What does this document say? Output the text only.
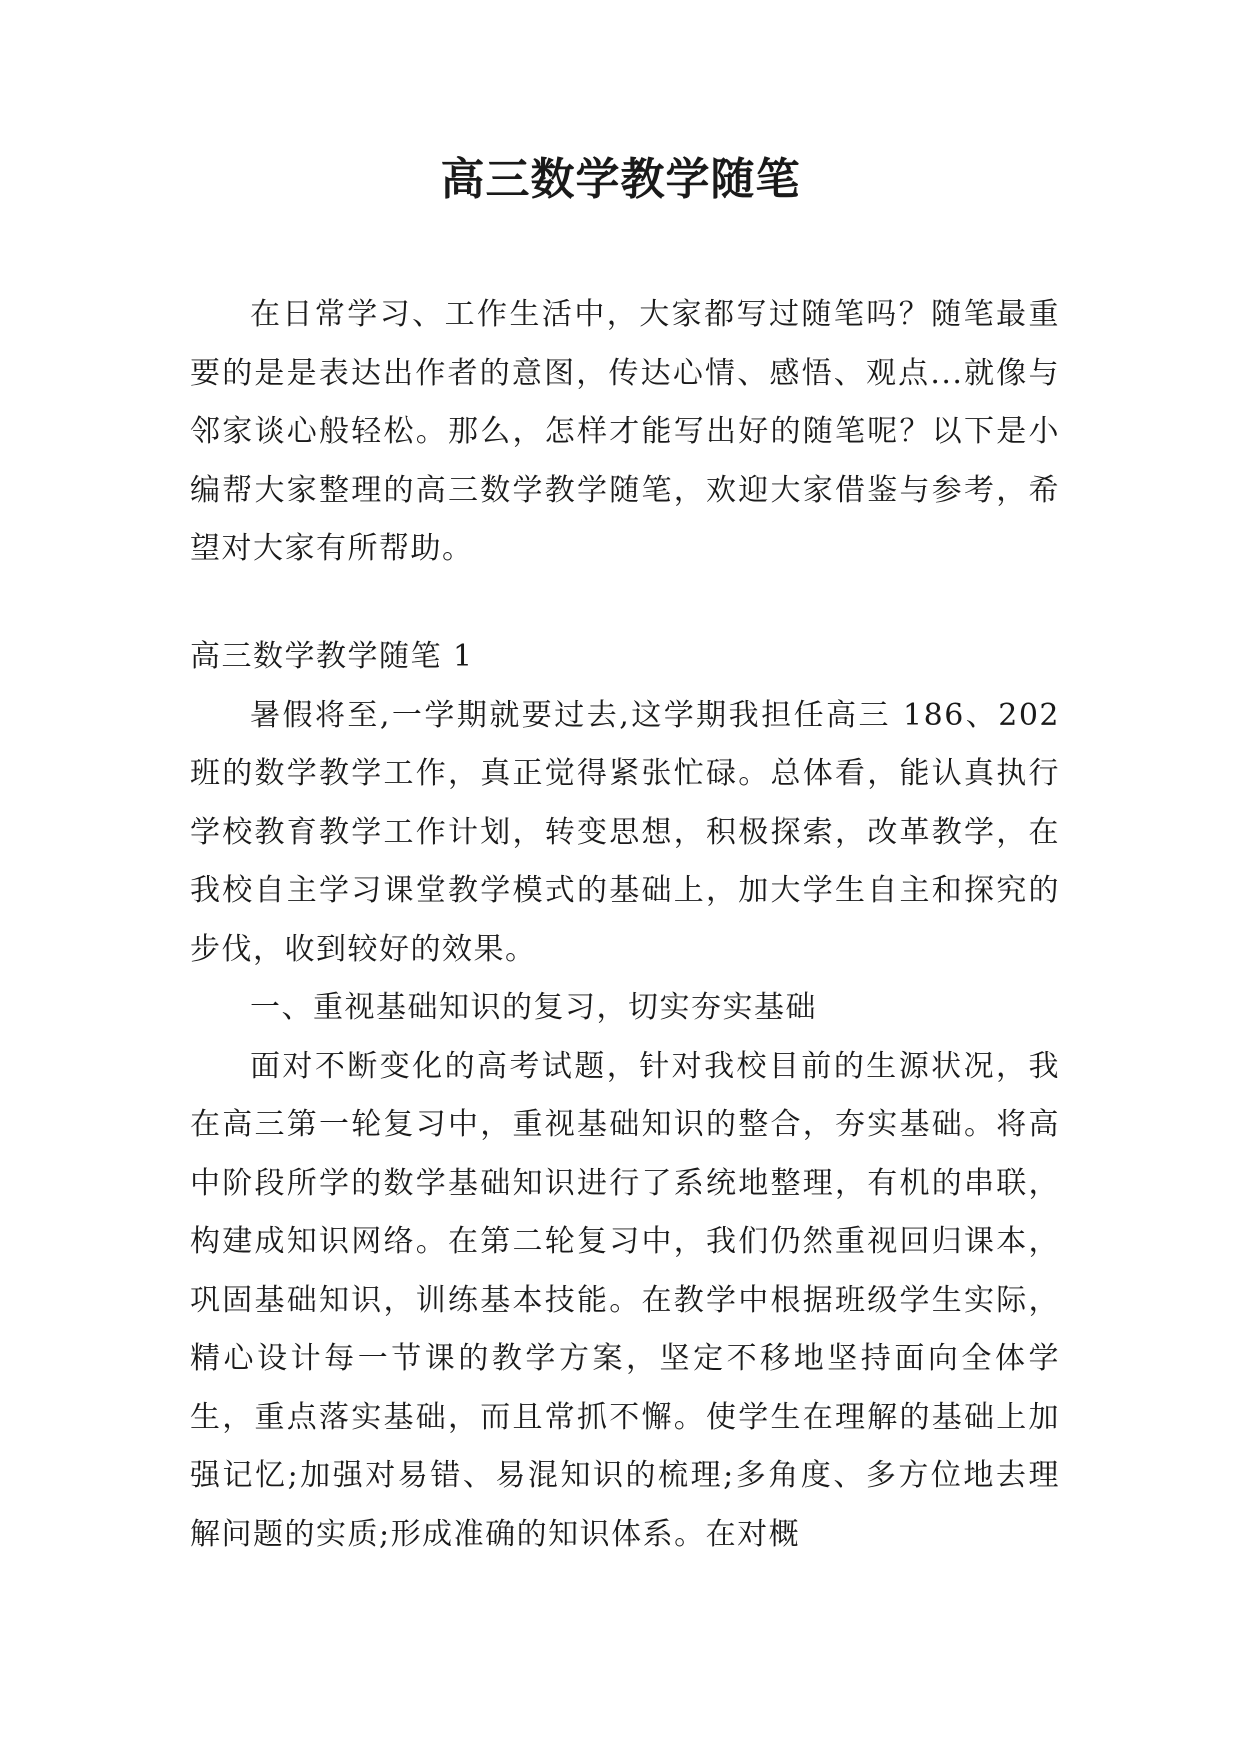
高三数学教学随笔

在日常学习、工作生活中，大家都写过随笔吗？随笔最重要的是是表达出作者的意图，传达心情、感悟、观点...就像与邻家谈心般轻松。那么，怎样才能写出好的随笔呢？以下是小编帮大家整理的高三数学教学随笔，欢迎大家借鉴与参考，希望对大家有所帮助。

高三数学教学随笔 1

暑假将至,一学期就要过去,这学期我担任高三 186、202 班的数学教学工作，真正觉得紧张忙碌。总体看，能认真执行学校教育教学工作计划，转变思想，积极探索，改革教学，在我校自主学习课堂教学模式的基础上，加大学生自主和探究的步伐，收到较好的效果。

一、重视基础知识的复习，切实夯实基础

面对不断变化的高考试题，针对我校目前的生源状况，我在高三第一轮复习中，重视基础知识的整合，夯实基础。将高中阶段所学的数学基础知识进行了系统地整理，有机的串联，构建成知识网络。在第二轮复习中，我们仍然重视回归课本，巩固基础知识，训练基本技能。在教学中根据班级学生实际，精心设计每一节课的教学方案，坚定不移地坚持面向全体学生，重点落实基础，而且常抓不懈。使学生在理解的基础上加强记忆;加强对易错、易混知识的梳理;多角度、多方位地去理解问题的实质;形成准确的知识体系。在对概
